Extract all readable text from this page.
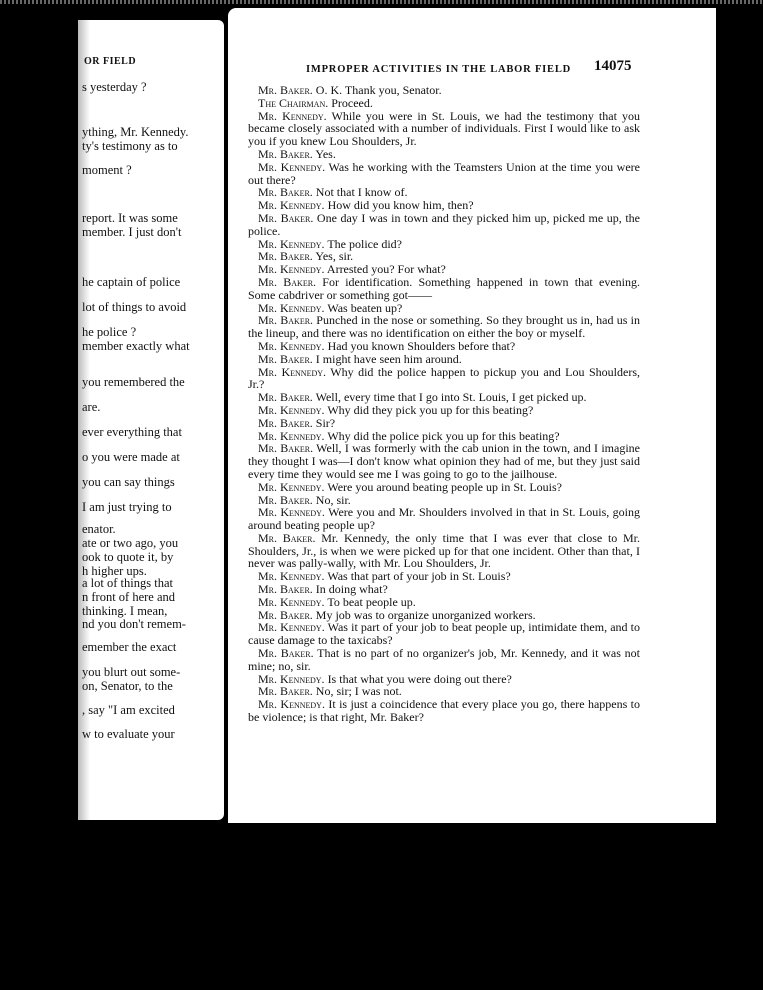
OR FIELD
s yesterday ?
ything, Mr. Kennedy.
ty's testimony as to
moment ?
report. It was some
member. I just don't
he captain of police
lot of things to avoid
he police ?
member exactly what
you remembered the
are.
ever everything that
o you were made at
you can say things
I am just trying to
enator.
ate or two ago, you
ook to quote it, by
h higher ups.
a lot of things that
n front of here and
thinking. I mean,
nd you don't remem-
emember the exact
you blurt out some-
on, Senator, to the
, say "I am excited
w to evaluate your
IMPROPER ACTIVITIES IN THE LABOR FIELD 14075

Mr. Baker. O. K. Thank you, Senator.

The Chairman. Proceed.

Mr. Kennedy. While you were in St. Louis, we had the testimony that you became closely associated with a number of individuals. First I would like to ask you if you knew Lou Shoulders, Jr.

Mr. Baker. Yes.

Mr. Kennedy. Was he working with the Teamsters Union at the time you were out there?

Mr. Baker. Not that I know of.

Mr. Kennedy. How did you know him, then?

Mr. Baker. One day I was in town and they picked him up, picked me up, the police.

Mr. Kennedy. The police did?

Mr. Baker. Yes, sir.

Mr. Kennedy. Arrested you? For what?

Mr. Baker. For identification. Something happened in town that evening. Some cabdriver or something got——

Mr. Kennedy. Was beaten up?

Mr. Baker. Punched in the nose or something. So they brought us in, had us in the lineup, and there was no identification on either the boy or myself.

Mr. Kennedy. Had you known Shoulders before that?

Mr. Baker. I might have seen him around.

Mr. Kennedy. Why did the police happen to pickup you and Lou Shoulders, Jr.?

Mr. Baker. Well, every time that I go into St. Louis, I get picked up.

Mr. Kennedy. Why did they pick you up for this beating?

Mr. Baker. Sir?

Mr. Kennedy. Why did the police pick you up for this beating?

Mr. Baker. Well, I was formerly with the cab union in the town, and I imagine they thought I was—I don't know what opinion they had of me, but they just said every time they would see me I was going to go to the jailhouse.

Mr. Kennedy. Were you around beating people up in St. Louis?

Mr. Baker. No, sir.

Mr. Kennedy. Were you and Mr. Shoulders involved in that in St. Louis, going around beating people up?

Mr. Baker. Mr. Kennedy, the only time that I was ever that close to Mr. Shoulders, Jr., is when we were picked up for that one incident. Other than that, I never was pally-wally, with Mr. Lou Shoulders, Jr.

Mr. Kennedy. Was that part of your job in St. Louis?

Mr. Baker. In doing what?

Mr. Kennedy. To beat people up.

Mr. Baker. My job was to organize unorganized workers.

Mr. Kennedy. Was it part of your job to beat people up, intimidate them, and to cause damage to the taxicabs?

Mr. Baker. That is no part of no organizer's job, Mr. Kennedy, and it was not mine; no, sir.

Mr. Kennedy. Is that what you were doing out there?

Mr. Baker. No, sir; I was not.

Mr. Kennedy. It is just a coincidence that every place you go, there happens to be violence; is that right, Mr. Baker?
